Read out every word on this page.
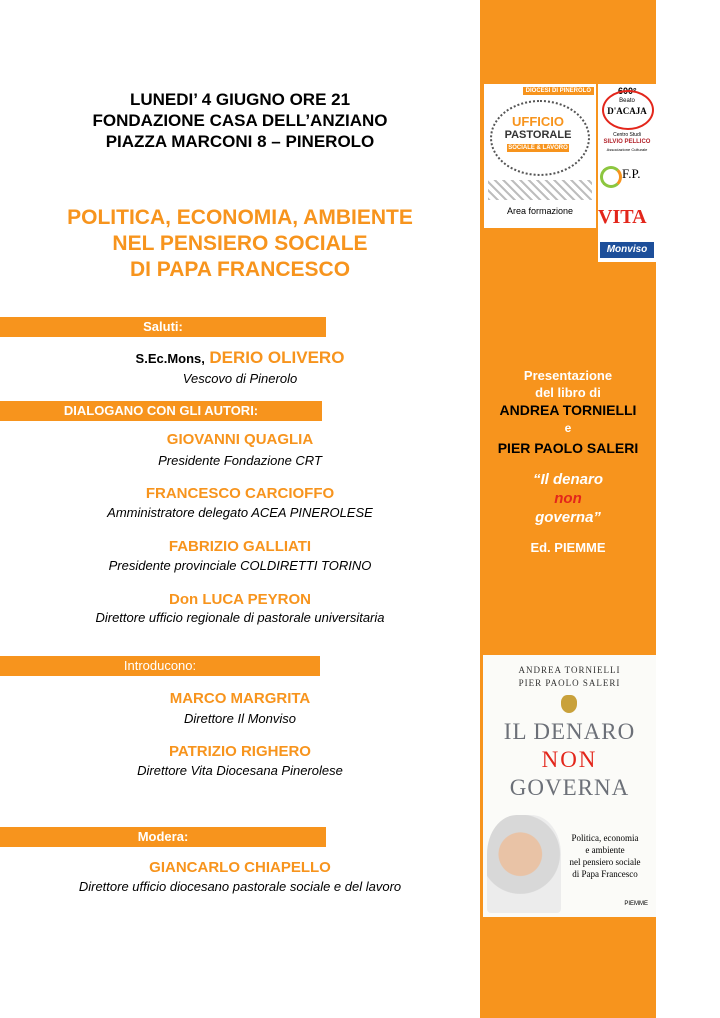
LUNEDI’ 4 GIUGNO ORE 21
FONDAZIONE CASA DELL’ANZIANO
PIAZZA MARCONI 8 – PINEROLO
POLITICA, ECONOMIA, AMBIENTE
NEL PENSIERO SOCIALE
DI PAPA FRANCESCO
Saluti:
S.Ec.Mons, DERIO OLIVERO
Vescovo di Pinerolo
DIALOGANO CON GLI AUTORI:
GIOVANNI QUAGLIA
Presidente Fondazione CRT
FRANCESCO CARCIOFFO
Amministratore delegato ACEA PINEROLESE
FABRIZIO GALLIATI
Presidente provinciale COLDIRETTI TORINO
Don LUCA PEYRON
Direttore ufficio regionale di pastorale universitaria
Introducono:
MARCO MARGRITA
Direttore Il Monviso
PATRIZIO RIGHERO
Direttore Vita Diocesana Pinerolese
Modera:
GIANCARLO CHIAPELLO
Direttore ufficio diocesano pastorale sociale e del lavoro
DIOCESI DI PINEROLO
UFFICIO
PASTORALE
SOCIALE & LAVORO
Area formazione
600°
Beato
D'ACAJA
Centro Studi
SILVIO PELLICO
Associazione Culturale
F.P.
VITA
Monviso
Presentazione
del libro di
ANDREA TORNIELLI
e
PIER PAOLO SALERI
“Il denaro
non
governa”
Ed. PIEMME
ANDREA TORNIELLI
PIER PAOLO SALERI
IL DENARO
NON
GOVERNA
Politica, economia
e ambiente
nel pensiero sociale
di Papa Francesco
PIEMME
